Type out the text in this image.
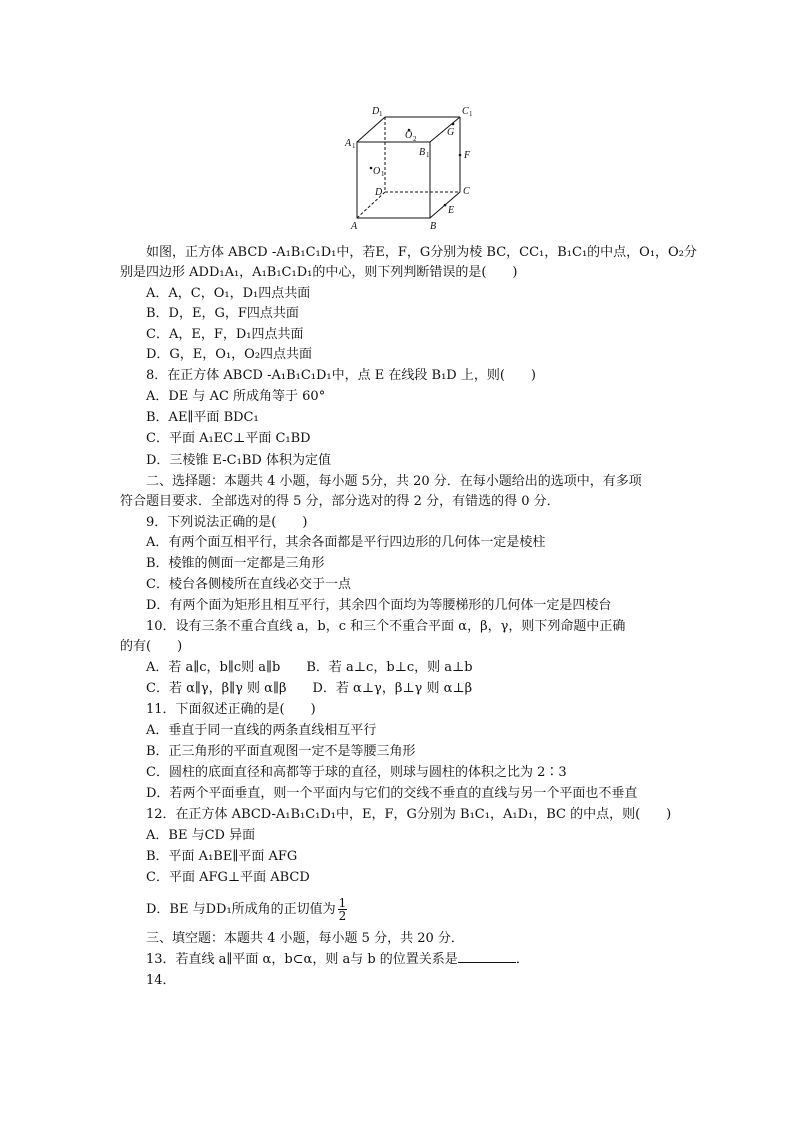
D 1	C 1
A 1
B 1
O 2
O 1
G
F
D	C
A	B
E
如图，正方体 ABCD -A₁B₁C₁D₁中，若E，F，G分别为棱 BC，CC₁，B₁C₁的中点，O₁，O₂分
别是四边形 ADD₁A₁，A₁B₁C₁D₁的中心，则下列判断错误的是(　　)
A．A，C，O₁，D₁四点共面
B．D，E，G，F四点共面
C．A，E，F，D₁四点共面
D．G，E，O₁，O₂四点共面
8．在正方体 ABCD -A₁B₁C₁D₁中，点 E 在线段 B₁D 上，则(　　)
A．DE 与 AC 所成角等于 60°
B．AE∥平面 BDC₁
C．平面 A₁EC⊥平面 C₁BD
D．三棱锥 E-C₁BD 体积为定值
二、选择题：本题共 4 小题，每小题 5分，共 20 分．在每小题给出的选项中，有多项
符合题目要求．全部选对的得 5 分，部分选对的得 2 分，有错选的得 0 分．
9．下列说法正确的是(　　)
A．有两个面互相平行，其余各面都是平行四边形的几何体一定是棱柱
B．棱锥的侧面一定都是三角形
C．棱台各侧棱所在直线必交于一点
D．有两个面为矩形且相互平行，其余四个面均为等腰梯形的几何体一定是四棱台
10．设有三条不重合直线 a，b，c 和三个不重合平面 α，β，γ，则下列命题中正确
的有(　　)
A．若 a∥c，b∥c则 a∥b　　B．若 a⊥c，b⊥c，则 a⊥b
C．若 α∥γ，β∥γ 则 α∥β　　D．若 α⊥γ，β⊥γ 则 α⊥β
11．下面叙述正确的是(　　)
A．垂直于同一直线的两条直线相互平行
B．正三角形的平面直观图一定不是等腰三角形
C．圆柱的底面直径和高都等于球的直径，则球与圆柱的体积之比为 2∶3
D．若两个平面垂直，则一个平面内与它们的交线不垂直的直线与另一个平面也不垂直
12．在正方体 ABCD-A₁B₁C₁D₁中，E，F，G分别为 B₁C₁，A₁D₁，BC 的中点，则(　　)
A．BE 与CD 异面
B．平面 A₁BE∥平面 AFG
C．平面 AFG⊥平面 ABCD
D．BE 与DD₁所成角的正切值为 $\frac{1}{2}$
三、填空题：本题共 4 小题，每小题 5 分，共 20 分．
13．若直线 a∥平面 α，b⊂α，则 a与 b 的位置关系是	．
14．
